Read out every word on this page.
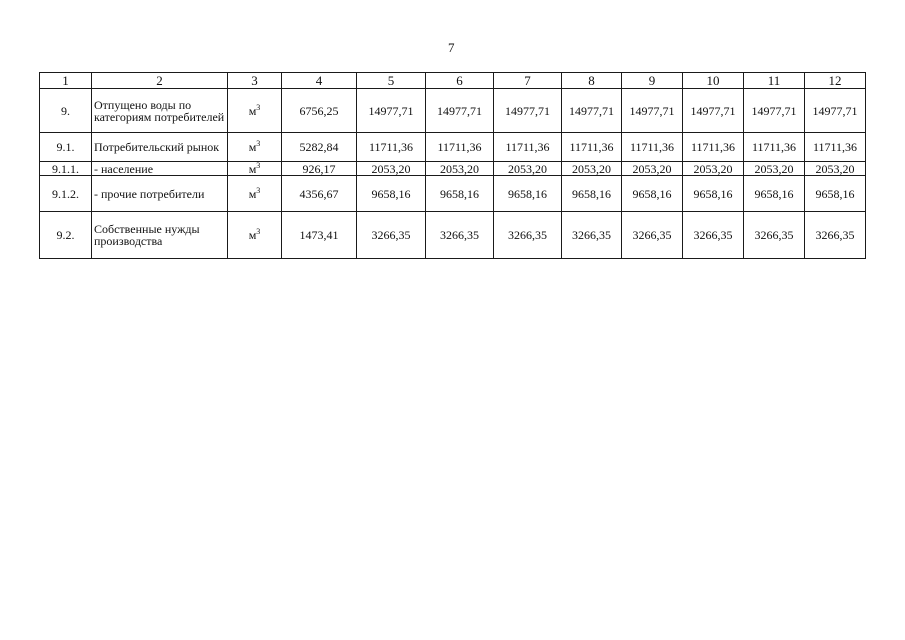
7
1	2	3	4	5	6	7	8	9	10	11	12
9.	Отпущено воды по категориям потребителей	$м^3$	6756,25	14977,71	14977,71	14977,71	14977,71	14977,71	14977,71	14977,71	14977,71
9.1.	Потребительский рынок	$м^3$	5282,84	11711,36	11711,36	11711,36	11711,36	11711,36	11711,36	11711,36	11711,36
9.1.1.	- население	$м^3$	926,17	2053,20	2053,20	2053,20	2053,20	2053,20	2053,20	2053,20	2053,20
9.1.2.	- прочие потребители	$м^3$	4356,67	9658,16	9658,16	9658,16	9658,16	9658,16	9658,16	9658,16	9658,16
9.2.	Собственные нужды производства	$м^3$	1473,41	3266,35	3266,35	3266,35	3266,35	3266,35	3266,35	3266,35	3266,35
